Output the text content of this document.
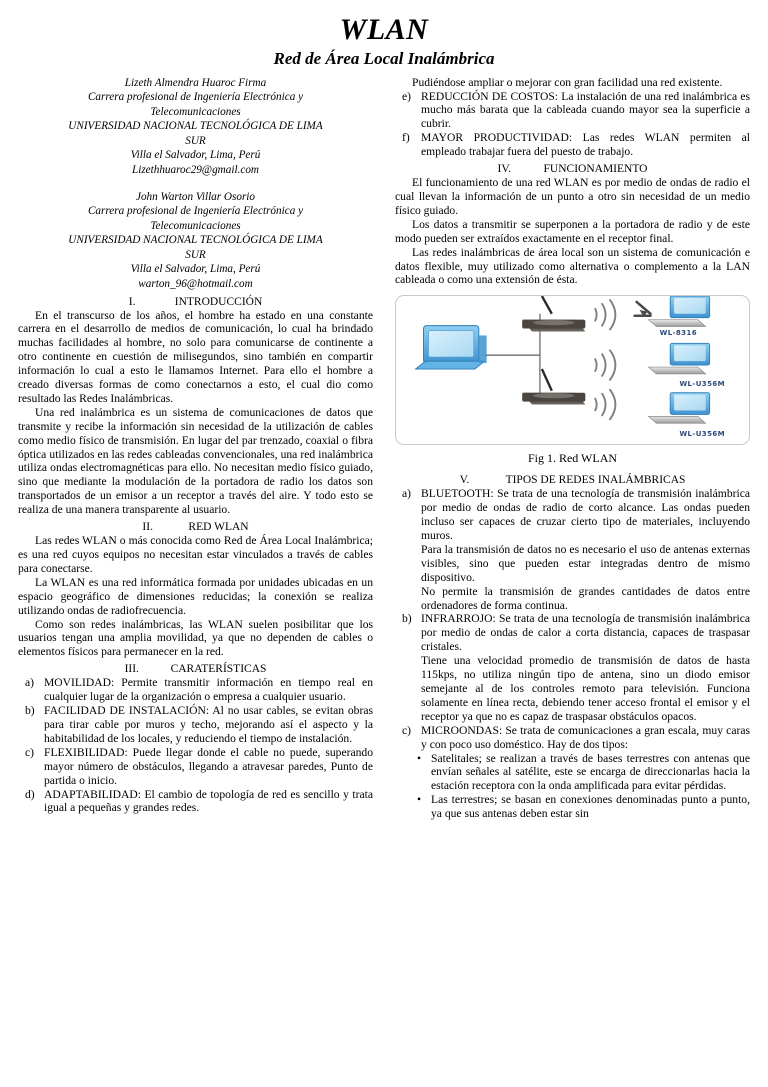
WLAN
Red de Área Local Inalámbrica
Lizeth Almendra Huaroc Firma
Carrera profesional de Ingeniería Electrónica y
Telecomunicaciones
UNIVERSIDAD NACIONAL TECNOLÓGICA DE LIMA
SUR
Villa el Salvador, Lima, Perú
Lizethhuaroc29@gmail.com
John Warton Villar Osorio
Carrera profesional de Ingeniería Electrónica y
Telecomunicaciones
UNIVERSIDAD NACIONAL TECNOLÓGICA DE LIMA
SUR
Villa el Salvador, Lima, Perú
warton_96@hotmail.com
I.	INTRODUCCIÓN

En el transcurso de los años, el hombre ha estado en una constante carrera en el desarrollo de medios de comunicación, lo cual ha brindado muchas facilidades al hombre, no solo para comunicarse de continente a otro continente en cuestión de milisegundos, sino también en compartir información lo cual a esto le llamamos Internet. Para ello el hombre a creado diversas formas de como conectarnos a esto, el cual dio como resultado las Redes Inalámbricas.

Una red inalámbrica es un sistema de comunicaciones de datos que transmite y recibe la información sin necesidad de la utilización de cables como medio físico de transmisión. En lugar del par trenzado, coaxial o fibra óptica utilizados en las redes cableadas convencionales, una red inalámbrica utiliza ondas electromagnéticas para ello. No necesitan medio físico guiado, sino que mediante la modulación de la portadora de radio los datos son transportados de un emisor a un receptor a través del aire. Y todo esto se realiza de una manera transparente al usuario.

II.	RED WLAN

Las redes WLAN o más conocida como Red de Área Local Inalámbrica; es una red cuyos equipos no necesitan estar vinculados a través de cables para conectarse.

La WLAN es una red informática formada por unidades ubicadas en un espacio geográfico de dimensiones reducidas; la conexión se realiza utilizando ondas de radiofrecuencia.

Como son redes inalámbricas, las WLAN suelen posibilitar que los usuarios tengan una amplia movilidad, ya que no dependen de cables o elementos físicos para permanecer en la red.

III.	CARATERÍSTICAS
a) MOVILIDAD: Permite transmitir información en tiempo real en cualquier lugar de la organización o empresa a cualquier usuario.
b) FACILIDAD DE INSTALACIÓN: Al no usar cables, se evitan obras para tirar cable por muros y techo, mejorando así el aspecto y la habitabilidad de los locales, y reduciendo el tiempo de instalación.
c) FLEXIBILIDAD: Puede llegar donde el cable no puede, superando mayor número de obstáculos, llegando a atravesar paredes, Punto de partida o inicio.
d) ADAPTABILIDAD: El cambio de topología de red es sencillo y trata igual a pequeñas y grandes redes.

Pudiéndose ampliar o mejorar con gran facilidad una red existente.

e) REDUCCIÓN DE COSTOS: La instalación de una red inalámbrica es mucho más barata que la cableada cuando mayor sea la superficie a cubrir.
f) MAYOR PRODUCTIVIDAD: Las redes WLAN permiten al empleado trabajar fuera del puesto de trabajo.
IV.	FUNCIONAMIENTO

El funcionamiento de una red WLAN es por medio de ondas de radio el cual llevan la información de un punto a otro sin necesidad de un medio físico guiado.

Los datos a transmitir se superponen a la portadora de radio y de este modo pueden ser extraídos exactamente en el receptor final.

Las redes inalámbricas de área local son un sistema de comunicación e datos flexible, muy utilizado como alternativa o complemento a la LAN cableada o como una extensión de ésta.

WL-8316
WL-U356M
WL-U356M
Fig 1. Red WLAN
V.	TIPOS DE REDES INALÁMBRICAS
a) BLUETOOTH: Se trata de una tecnología de transmisión inalámbrica por medio de ondas de radio de corto alcance. Las ondas pueden incluso ser capaces de cruzar cierto tipo de materiales, incluyendo muros.
Para la transmisión de datos no es necesario el uso de antenas externas visibles, sino que pueden estar integradas dentro de mismo dispositivo.
No permite la transmisión de grandes cantidades de datos entre ordenadores de forma continua.
b) INFRARROJO: Se trata de una tecnología de transmisión inalámbrica por medio de ondas de calor a corta distancia, capaces de traspasar cristales.
Tiene una velocidad promedio de transmisión de datos de hasta 115kps, no utiliza ningún tipo de antena, sino un diodo emisor semejante al de los controles remoto para televisión. Funciona solamente en línea recta, debiendo tener acceso frontal el emisor y el receptor ya que no es capaz de traspasar obstáculos opacos.
c) MICROONDAS: Se trata de comunicaciones a gran escala, muy caras y con poco uso doméstico. Hay de dos tipos:
• Satelitales; se realizan a través de bases terrestres con antenas que envían señales al satélite, este se encarga de direccionarlas hacia la estación receptora con la onda amplificada para evitar pérdidas.
• Las terrestres; se basan en conexiones denominadas punto a punto, ya que sus antenas deben estar sin
